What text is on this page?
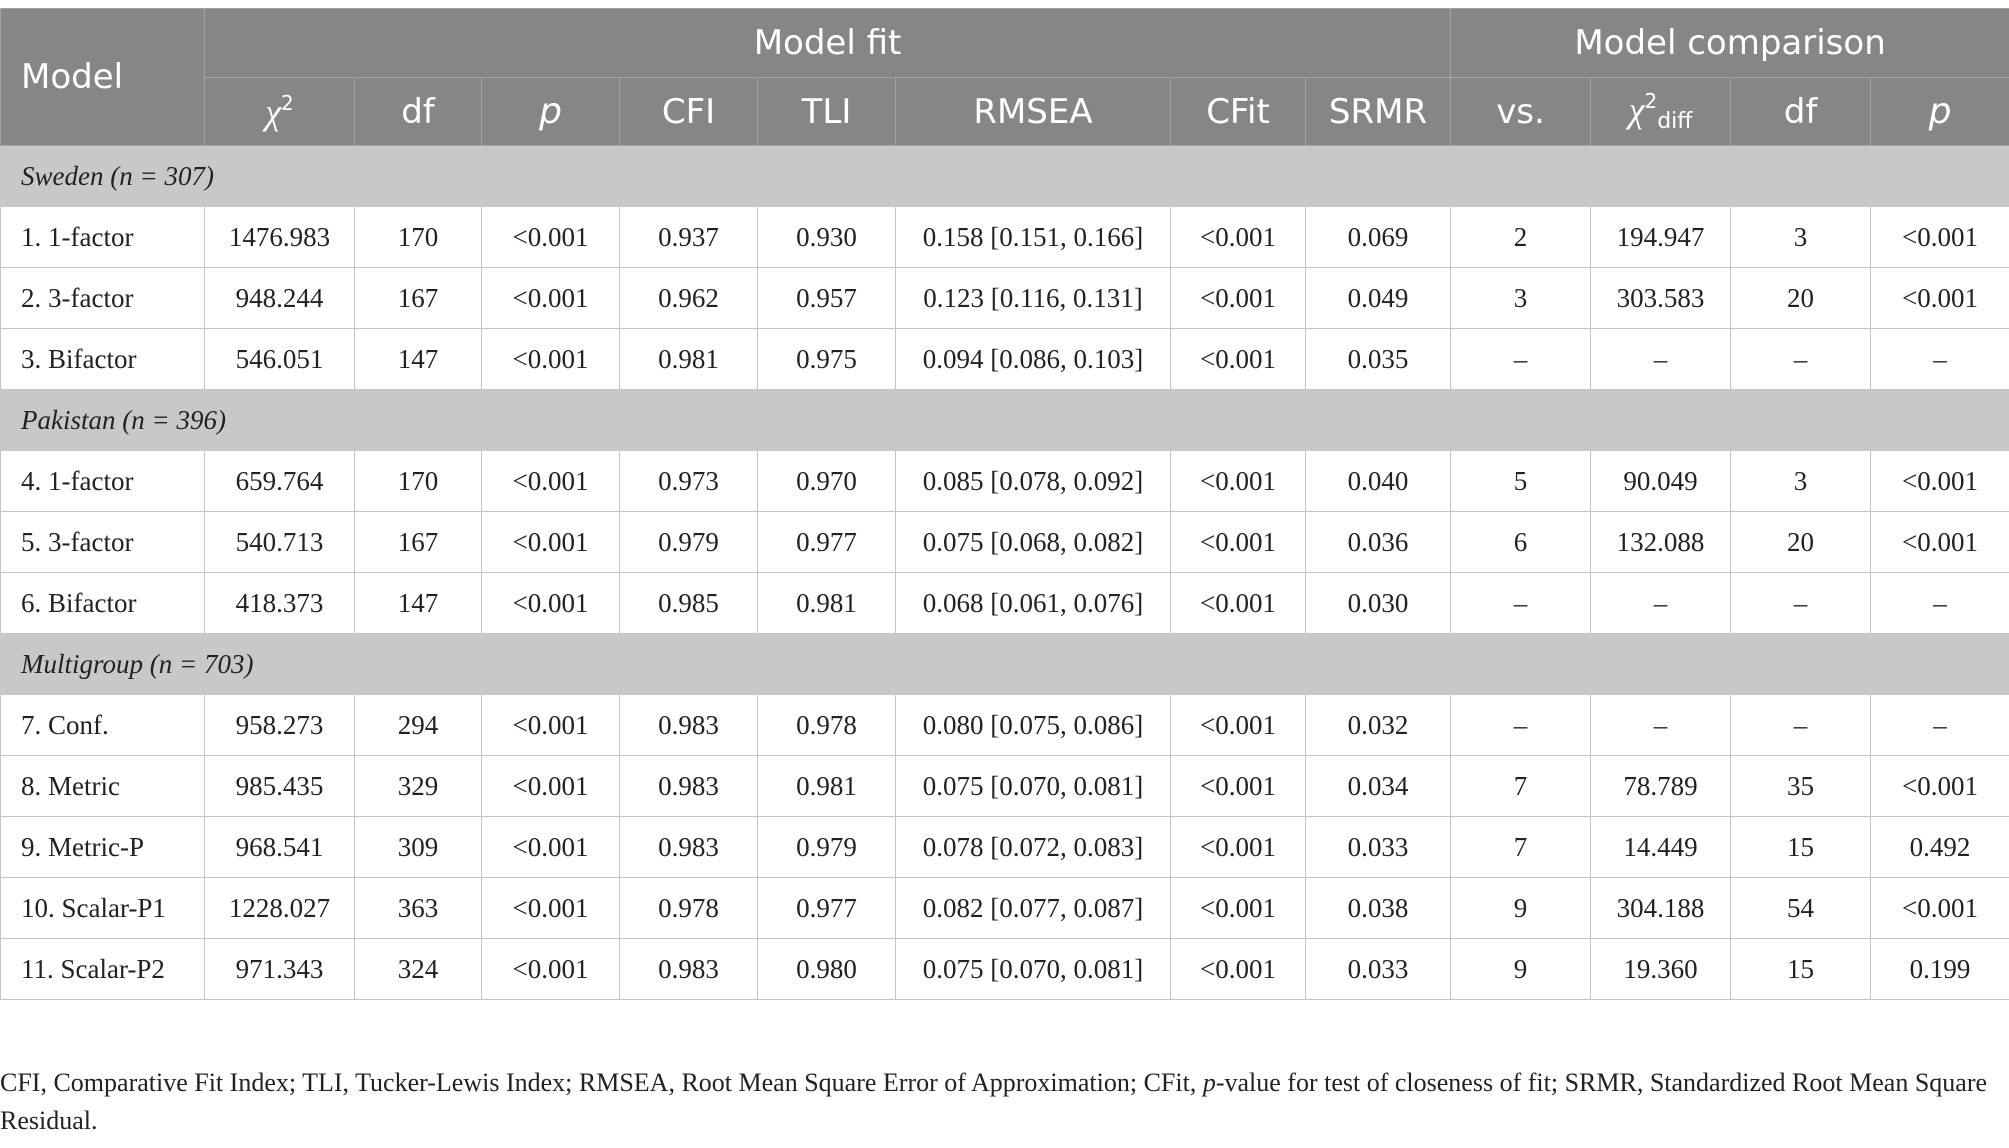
Model	Model fit								Model comparison			
	$\chi^2$	df	p	CFI	TLI	RMSEA	CFit	SRMR	vs.	$\chi^2_{diff}$	df	p
Sweden (n = 307)												
1. 1-factor	1476.983	170	<0.001	0.937	0.930	0.158 [0.151, 0.166]	<0.001	0.069	2	194.947	3	<0.001
2. 3-factor	948.244	167	<0.001	0.962	0.957	0.123 [0.116, 0.131]	<0.001	0.049	3	303.583	20	<0.001
3. Bifactor	546.051	147	<0.001	0.981	0.975	0.094 [0.086, 0.103]	<0.001	0.035	–	–	–	–
Pakistan (n = 396)												
4. 1-factor	659.764	170	<0.001	0.973	0.970	0.085 [0.078, 0.092]	<0.001	0.040	5	90.049	3	<0.001
5. 3-factor	540.713	167	<0.001	0.979	0.977	0.075 [0.068, 0.082]	<0.001	0.036	6	132.088	20	<0.001
6. Bifactor	418.373	147	<0.001	0.985	0.981	0.068 [0.061, 0.076]	<0.001	0.030	–	–	–	–
Multigroup (n = 703)												
7. Conf.	958.273	294	<0.001	0.983	0.978	0.080 [0.075, 0.086]	<0.001	0.032	–	–	–	–
8. Metric	985.435	329	<0.001	0.983	0.981	0.075 [0.070, 0.081]	<0.001	0.034	7	78.789	35	<0.001
9. Metric-P	968.541	309	<0.001	0.983	0.979	0.078 [0.072, 0.083]	<0.001	0.033	7	14.449	15	0.492
10. Scalar-P1	1228.027	363	<0.001	0.978	0.977	0.082 [0.077, 0.087]	<0.001	0.038	9	304.188	54	<0.001
11. Scalar-P2	971.343	324	<0.001	0.983	0.980	0.075 [0.070, 0.081]	<0.001	0.033	9	19.360	15	0.199
CFI, Comparative Fit Index; TLI, Tucker-Lewis Index; RMSEA, Root Mean Square Error of Approximation; CFit, p-value for test of closeness of fit; SRMR, Standardized Root Mean Square Residual.
